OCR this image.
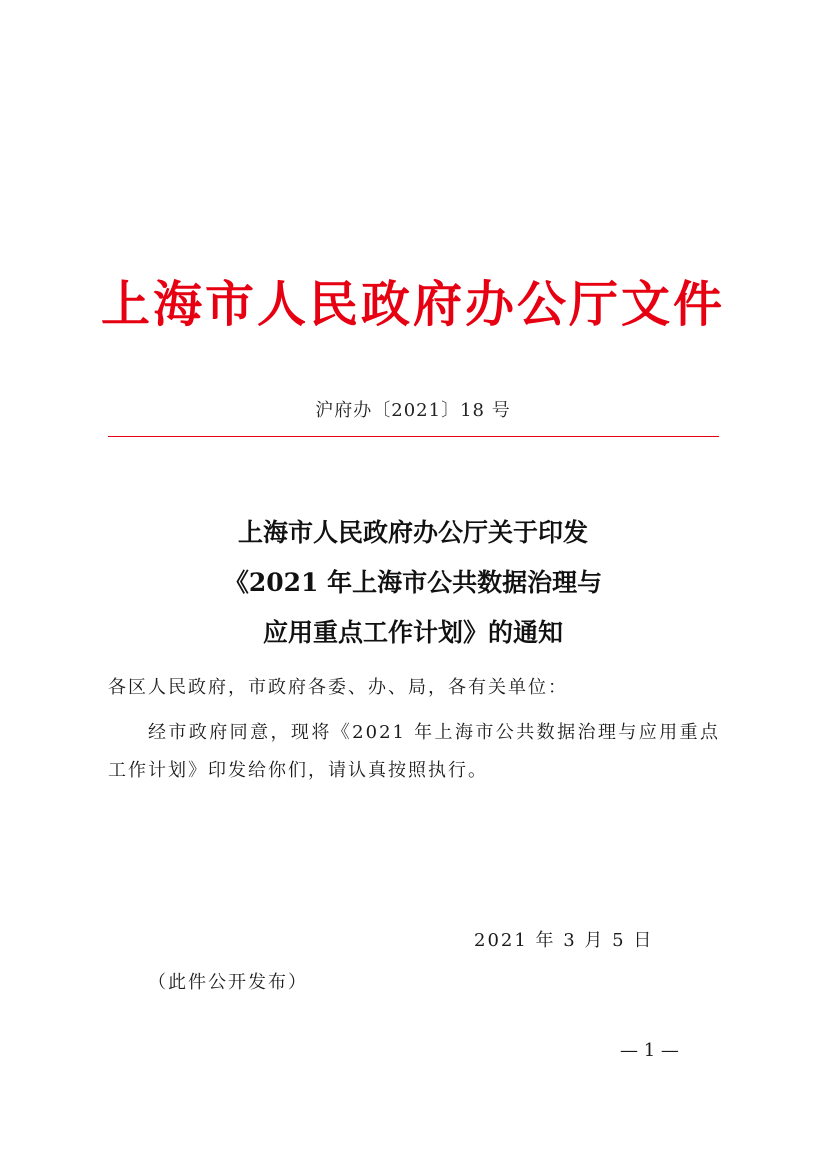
上海市人民政府办公厅文件
沪府办〔2021〕18 号
上海市人民政府办公厅关于印发
《2021 年上海市公共数据治理与
应用重点工作计划》的通知
各区人民政府，市政府各委、办、局，各有关单位：
经市政府同意，现将《2021 年上海市公共数据治理与应用重点工作计划》印发给你们，请认真按照执行。
2021 年 3 月 5 日
（此件公开发布）
— 1 —
